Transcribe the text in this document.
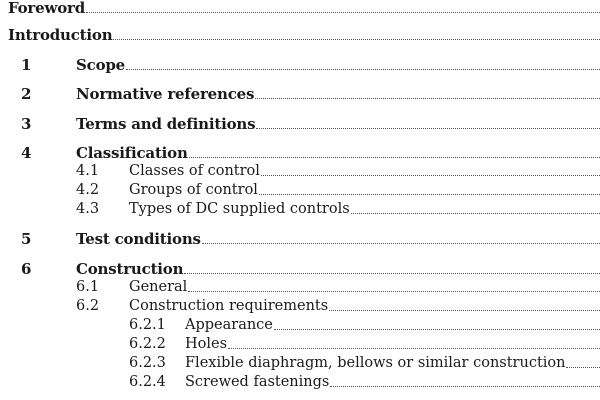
Foreword
Introduction
1	Scope
2	Normative references
3	Terms and definitions
4	Classification
4.1 Classes of control
4.2 Groups of control
4.3 Types of DC supplied controls
5	Test conditions
6	Construction
6.1 General
6.2 Construction requirements
6.2.1 Appearance
6.2.2 Holes
6.2.3 Flexible diaphragm, bellows or similar construction
6.2.4 Screwed fastenings
